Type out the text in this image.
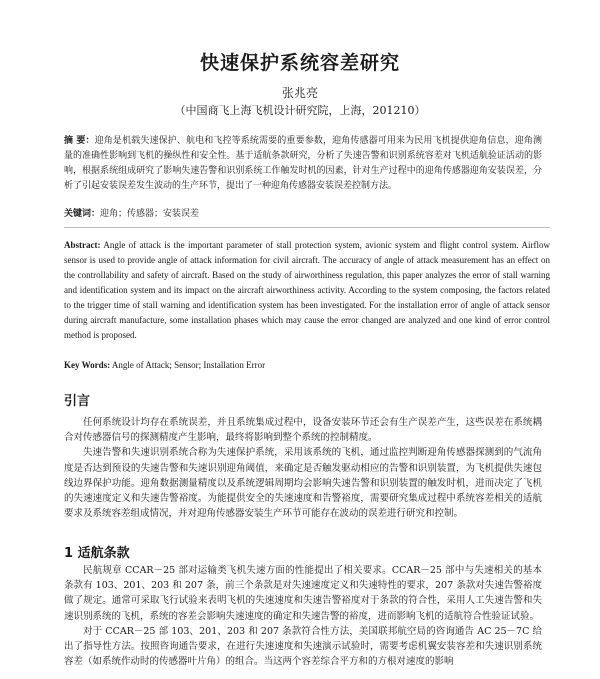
快速保护系统容差研究
张兆亮
（中国商飞上海飞机设计研究院，上海，201210）
摘 要：迎角是机载失速保护、航电和飞控等系统需要的重要参数，迎角传感器可用来为民用飞机提供迎角信息，迎角测量的准确性影响到飞机的操纵性和安全性。基于适航条款研究，分析了失速告警和识别系统容差对飞机适航验证活动的影响，根据系统组成研究了影响失速告警和识别系统工作触发时机的因素，针对生产过程中的迎角传感器迎角安装误差，分析了引起安装误差发生波动的生产环节，提出了一种迎角传感器安装误差控制方法。
关键词：迎角；传感器；安装误差
Abstract: Angle of attack is the important parameter of stall protection system, avionic system and flight control system. Airflow sensor is used to provide angle of attack information for civil aircraft. The accuracy of angle of attack measurement has an effect on the controllability and safety of aircraft. Based on the study of airworthiness regulation, this paper analyzes the error of stall warning and identification system and its impact on the aircraft airworthiness activity. According to the system composing, the factors related to the trigger time of stall warning and identification system has been investigated. For the installation error of angle of attack sensor during aircraft manufacture, some installation phases which may cause the error changed are analyzed and one kind of error control method is proposed.
Key Words: Angle of Attack; Sensor; Installation Error
引言

任何系统设计均存在系统误差，并且系统集成过程中，设备安装环节还会有生产误差产生，这些误差在系统耦合对传感器信号的探测精度产生影响，最终将影响到整个系统的控制精度。

失速告警和失速识别系统合称为失速保护系统，采用该系统的飞机，通过监控判断迎角传感器探测到的气流角度是否达到预设的失速告警和失速识别迎角阈值，来确定是否触发驱动相应的告警和识别装置，为飞机提供失速包线边界保护功能。迎角数据测量精度以及系统逻辑周期均会影响失速告警和识别装置的触发时机，进而决定了飞机的失速速度定义和失速告警裕度。为能提供安全的失速速度和告警裕度，需要研究集成过程中系统容差相关的适航要求及系统容差组成情况，并对迎角传感器安装生产环节可能存在波动的误差进行研究和控制。

1 适航条款

民航规章 CCAR－25 部对运输类飞机失速方面的性能提出了相关要求。CCAR－25 部中与失速相关的基本条款有 103、201、203 和 207 条，前三个条款是对失速速度定义和失速特性的要求，207 条款对失速告警裕度做了规定。通常可采取飞行试验来表明飞机的失速速度和失速告警裕度对于条款的符合性，采用人工失速告警和失速识别系统的飞机，系统的容差会影响失速速度的确定和失速告警的裕度，进而影响飞机的适航符合性验证试验。

对于 CCAR－25 部 103、201、203 和 207 条款符合性方法，美国联邦航空局的咨询通告 AC 25－7C 给出了指导性方法。按照咨询通告要求，在进行失速速度和失速演示试验时，需要考虑机翼安装容差和失速识别系统容差（如系统作动时的传感器叶片角）的组合。当这两个容差综合平方和的方根对速度的影响
